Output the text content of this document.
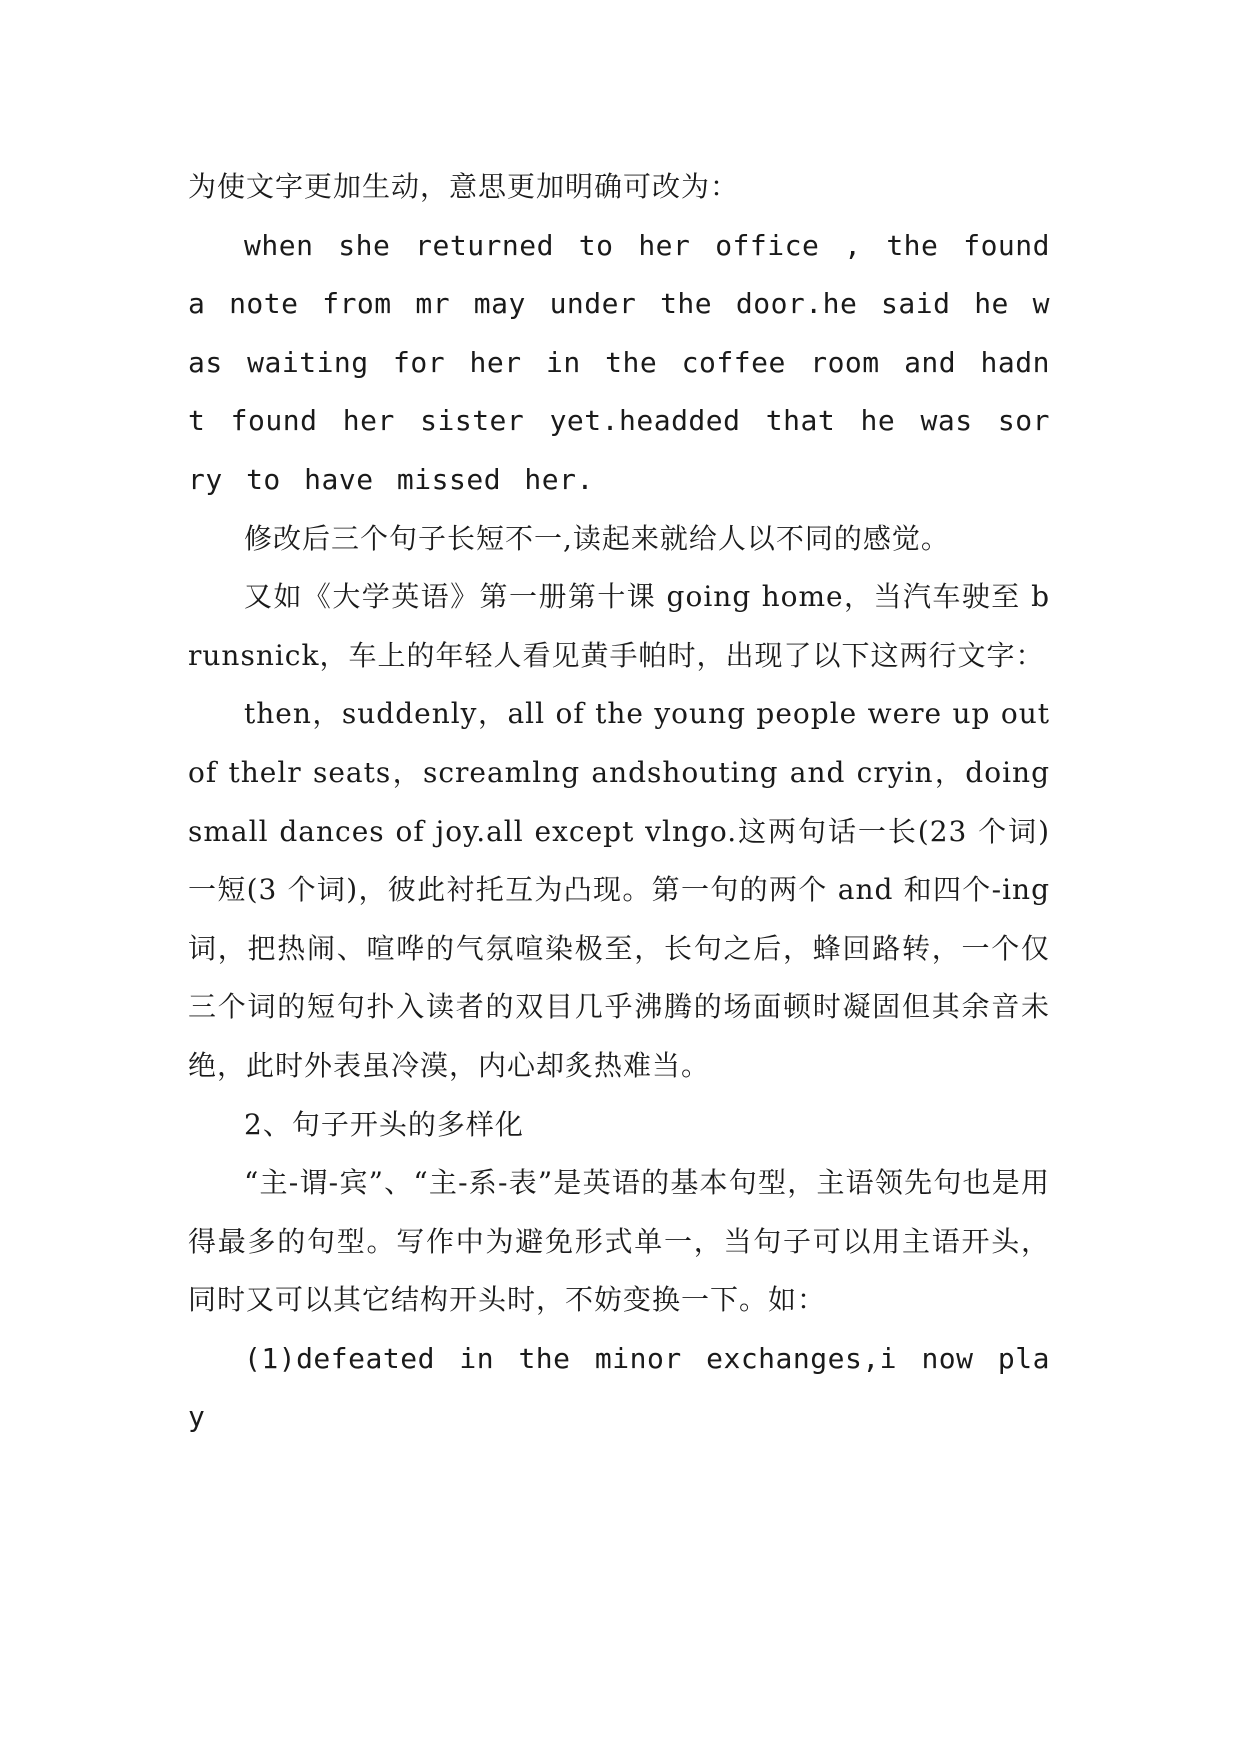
为使文字更加生动，意思更加明确可改为：

when she returned to her office , the found a note from mr may under the door.he said he was waiting for her in the coffee room and hadnt found her sister yet.headded that he was sorry to have missed her.

修改后三个句子长短不一,读起来就给人以不同的感觉。

又如《大学英语》第一册第十课 going home，当汽车驶至 brunsnick，车上的年轻人看见黄手帕时，出现了以下这两行文字：

then，suddenly，all of the young people were up out of thelr seats，screamlng andshouting and cryin，doing small dances of joy.all except vlngo.这两句话一长(23 个词)一短(3 个词)，彼此衬托互为凸现。第一句的两个 and 和四个-ing 词，把热闹、喧哗的气氛喧染极至，长句之后，蜂回路转，一个仅三个词的短句扑入读者的双目几乎沸腾的场面顿时凝固但其余音未绝，此时外表虽冷漠，内心却炙热难当。

2、句子开头的多样化

“主-谓-宾”、“主-系-表”是英语的基本句型，主语领先句也是用得最多的句型。写作中为避免形式单一，当句子可以用主语开头，同时又可以其它结构开头时，不妨变换一下。如：

(1)defeated in the minor exchanges,i now play
